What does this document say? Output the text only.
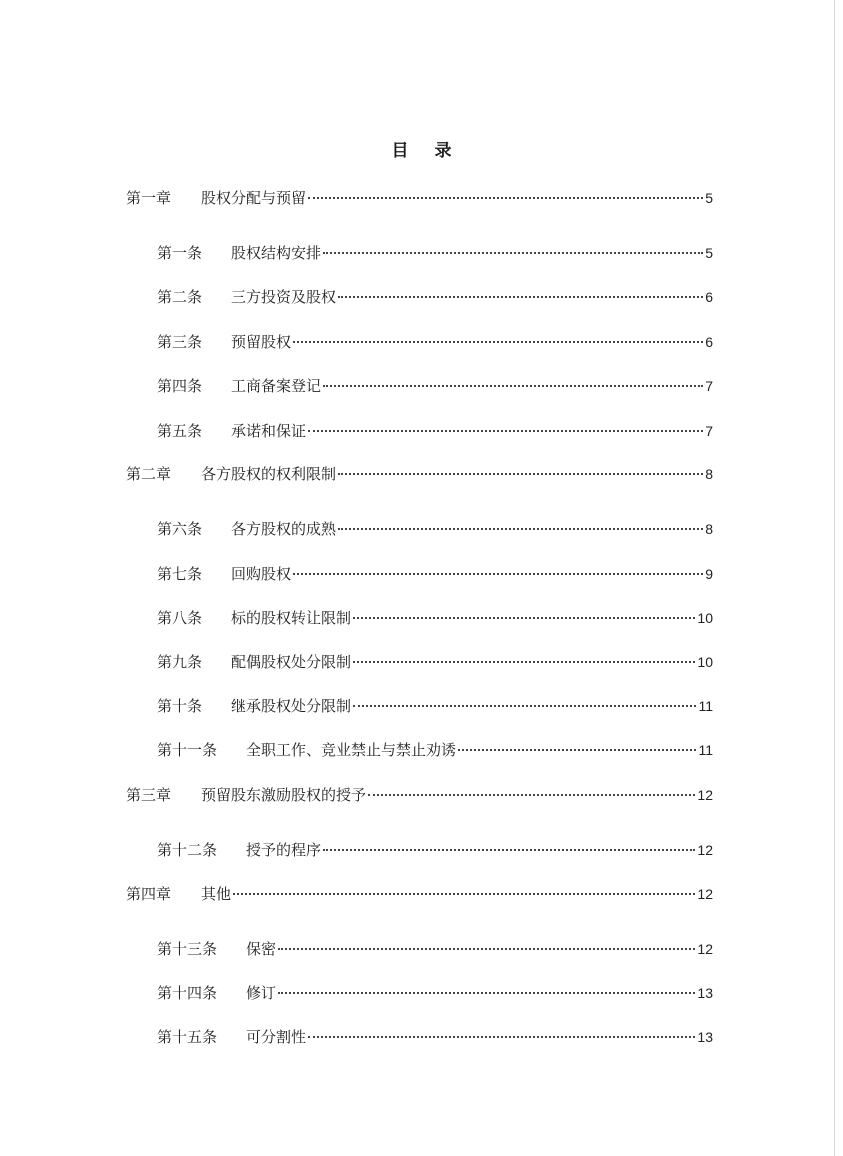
目 录
第一章	股权分配与预留	5
第一条	股权结构安排	5
第二条	三方投资及股权	6
第三条	预留股权	6
第四条	工商备案登记	7
第五条	承诺和保证	7
第二章	各方股权的权利限制	8
第六条	各方股权的成熟	8
第七条	回购股权	9
第八条	标的股权转让限制	10
第九条	配偶股权处分限制	10
第十条	继承股权处分限制	11
第十一条	全职工作、竞业禁止与禁止劝诱	11
第三章	预留股东激励股权的授予	12
第十二条	授予的程序	12
第四章	其他	12
第十三条	保密	12
第十四条	修订	13
第十五条	可分割性	13
